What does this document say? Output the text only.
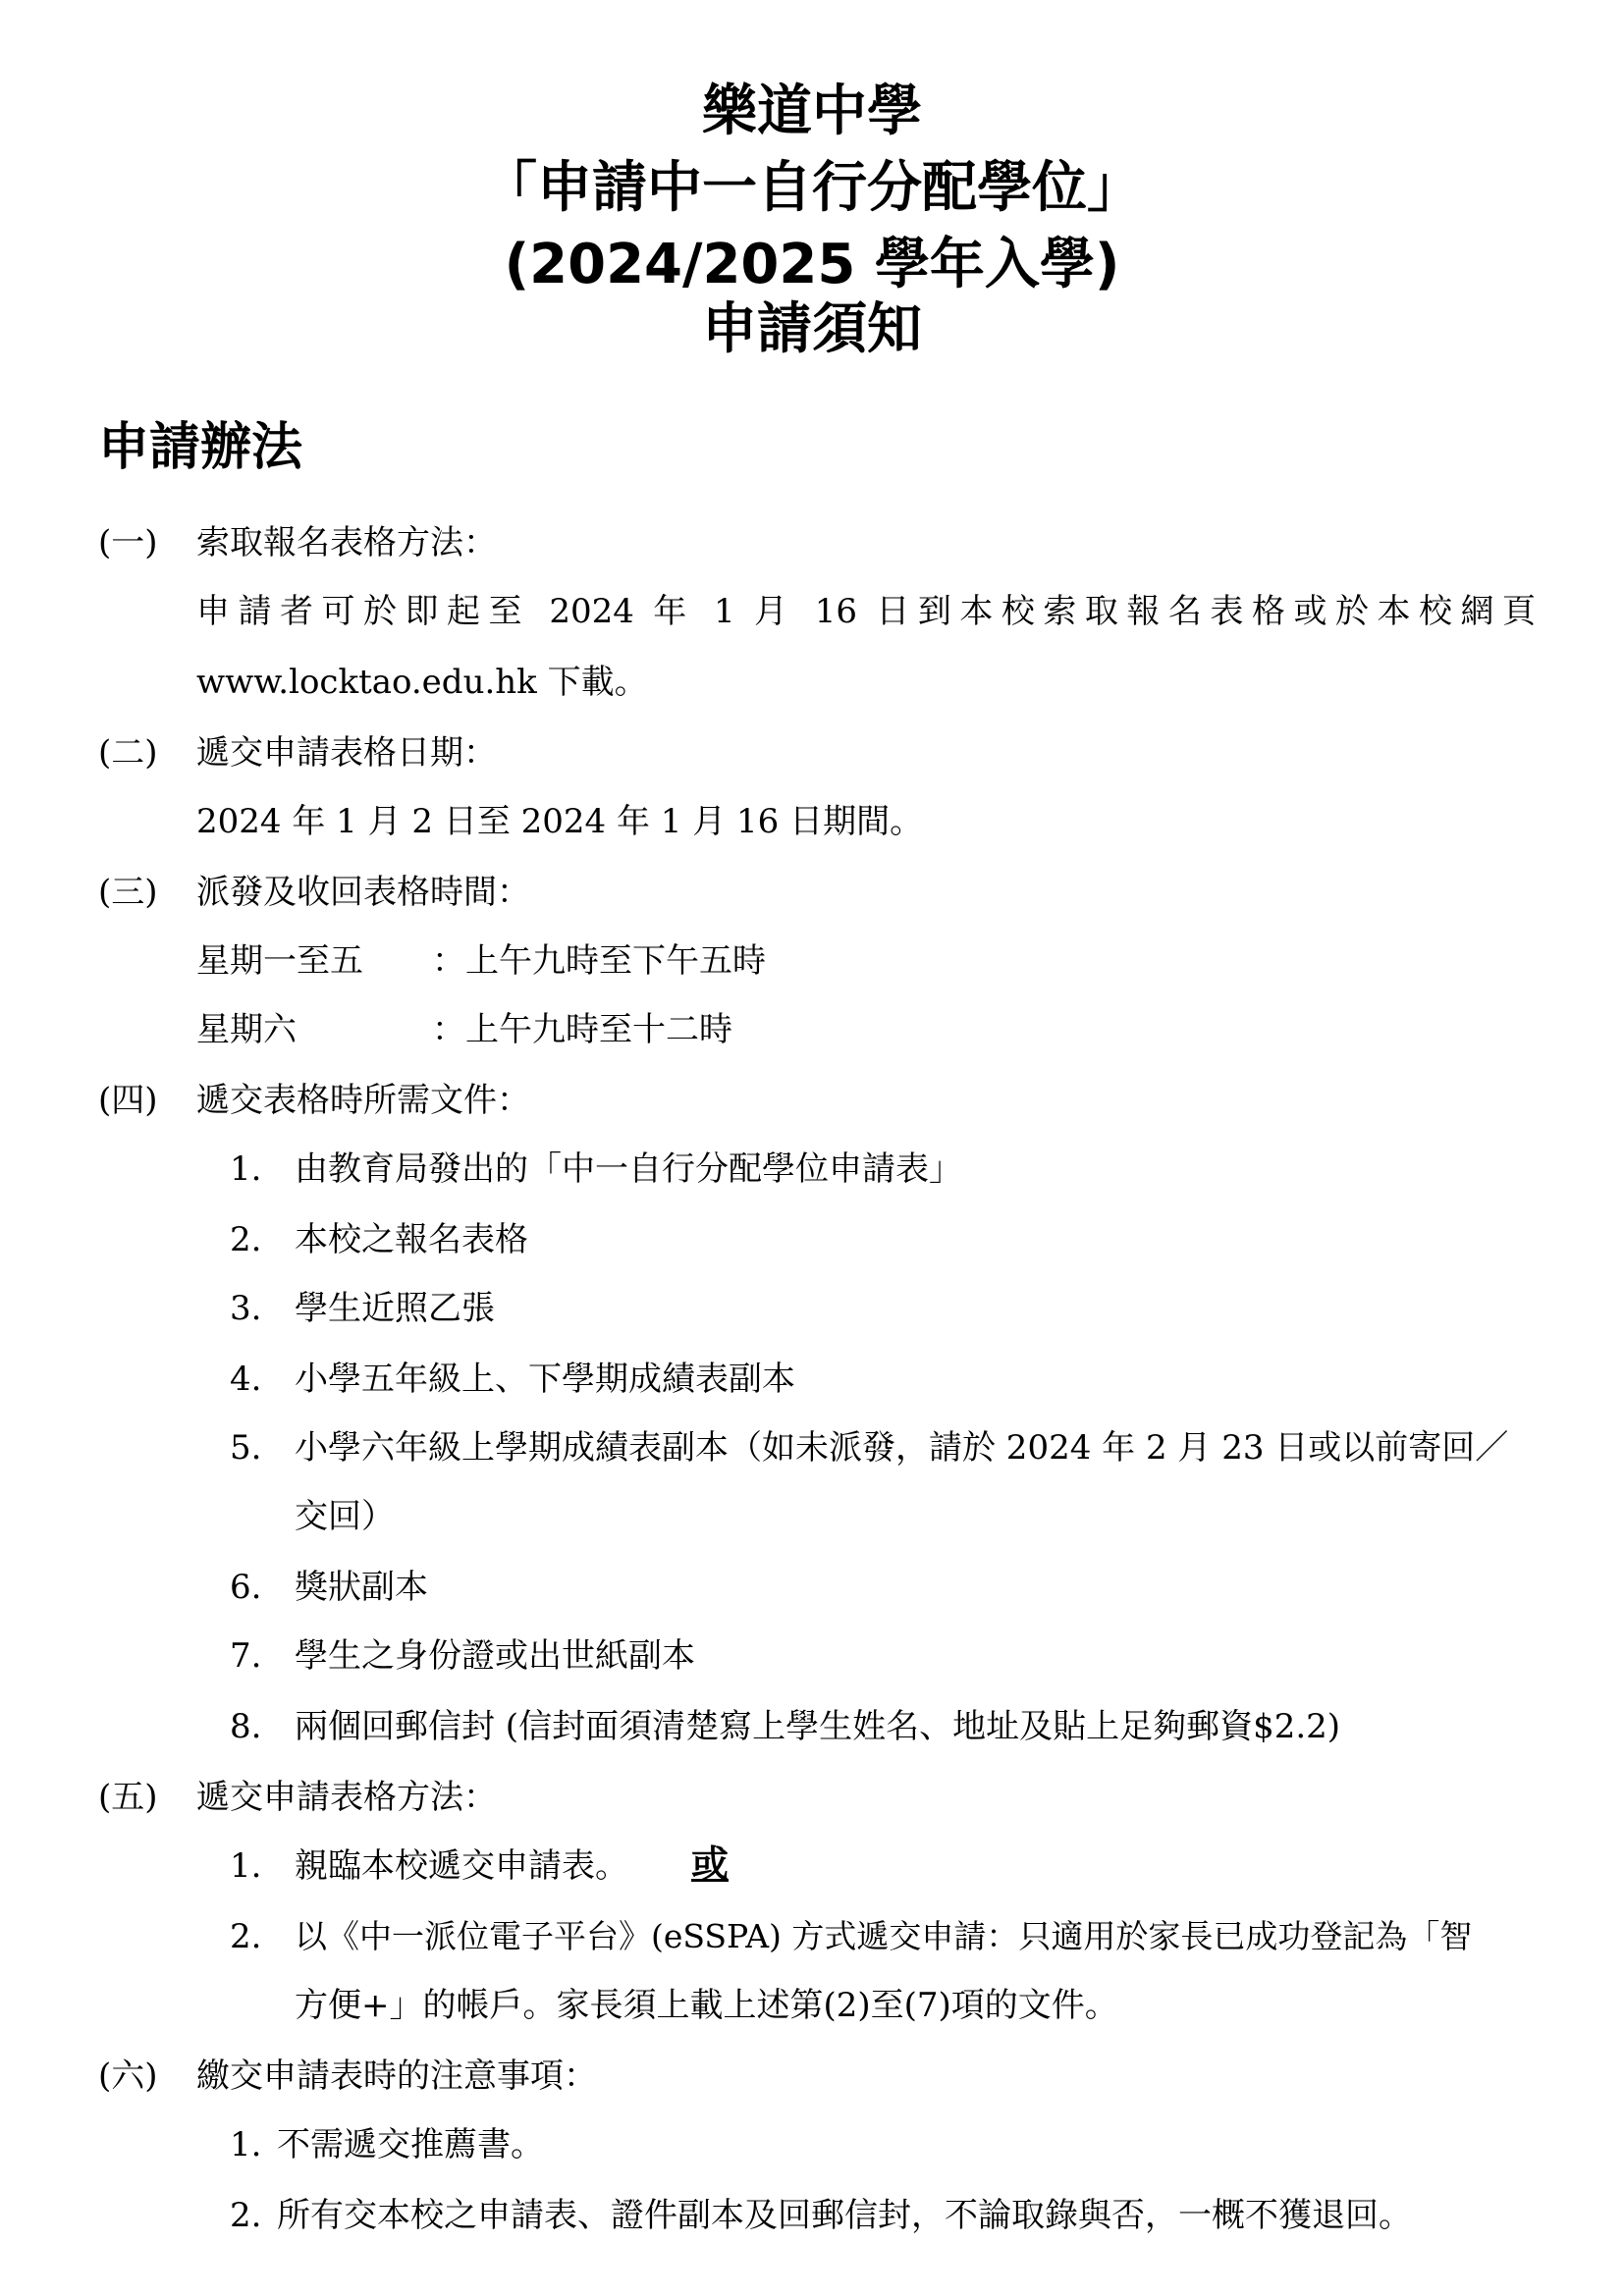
樂道中學
「申請中一自行分配學位」
(2024/2025 學年入學)
申請須知
申請辦法
(一) 索取報名表格方法：
申請者可於即起至 2024 年 1 月 16 日到本校索取報名表格或於本校網頁
www.locktao.edu.hk 下載。
(二) 遞交申請表格日期：
2024 年 1 月 2 日至 2024 年 1 月 16 日期間。
(三) 派發及收回表格時間：
星期一至五 ：上午九時至下午五時
星期六	：上午九時至十二時
(四) 遞交表格時所需文件：
1. 由教育局發出的「中一自行分配學位申請表」
2. 本校之報名表格
3. 學生近照乙張
4. 小學五年級上、下學期成績表副本
5. 小學六年級上學期成績表副本（如未派發，請於 2024 年 2 月 23 日或以前寄回／
交回）
6. 獎狀副本
7. 學生之身份證或出世紙副本
8. 兩個回郵信封 (信封面須清楚寫上學生姓名、地址及貼上足夠郵資$2.2)
(五) 遞交申請表格方法：
1. 親臨本校遞交申請表。 或
2. 以《中一派位電子平台》(eSSPA) 方式遞交申請：只適用於家長已成功登記為「智
方便+」的帳戶。家長須上載上述第(2)至(7)項的文件。
(六) 繳交申請表時的注意事項：
1. 不需遞交推薦書。
2. 所有交本校之申請表、證件副本及回郵信封，不論取錄與否，一概不獲退回。
